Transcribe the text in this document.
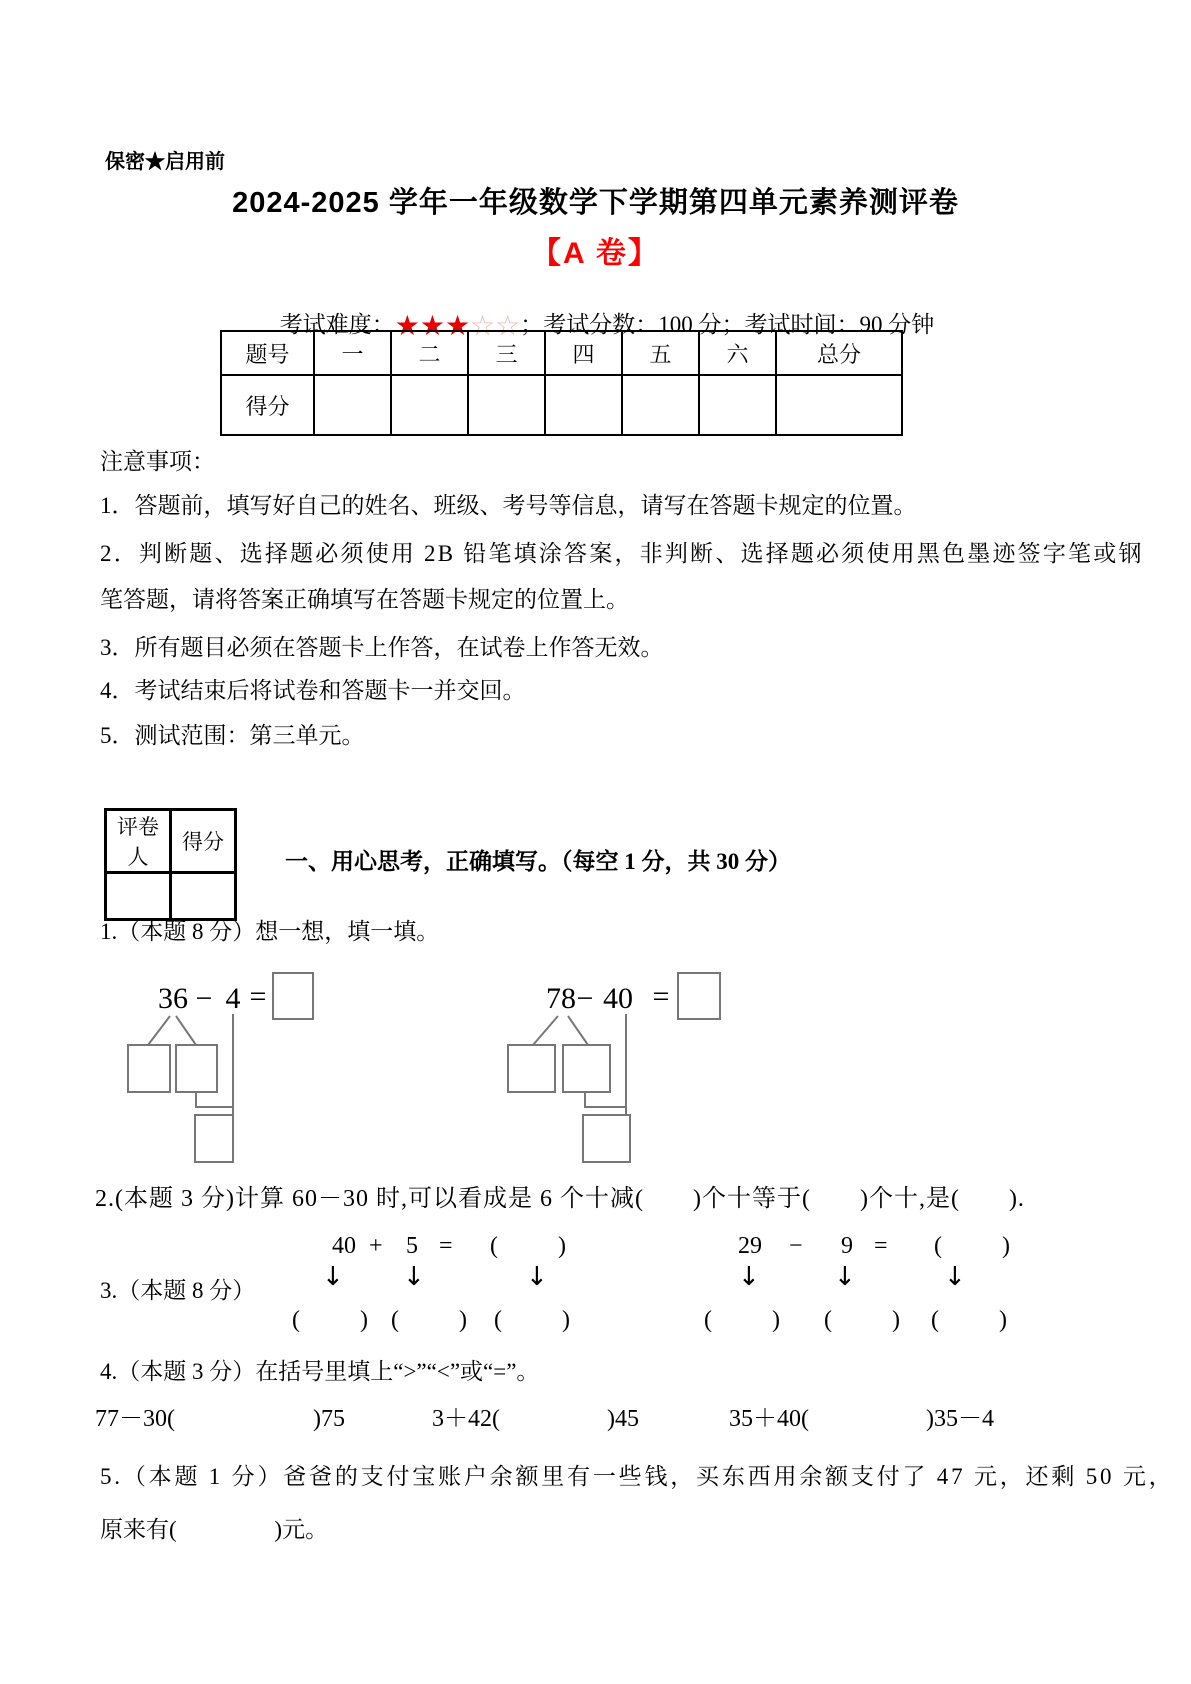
保密★启用前
2024-2025 学年一年级数学下学期第四单元素养测评卷
【A 卷】

考试难度：★★★☆☆；考试分数：100 分；考试时间：90 分钟

题号	一	二	三	四	五	六	总分
得分							
注意事项：
1．答题前，填写好自己的姓名、班级、考号等信息，请写在答题卡规定的位置。
2．判断题、选择题必须使用 2B 铅笔填涂答案，非判断、选择题必须使用黑色墨迹签字笔或钢
笔答题，请将答案正确填写在答题卡规定的位置上。
3．所有题目必须在答题卡上作答，在试卷上作答无效。
4．考试结束后将试卷和答题卡一并交回。
5．测试范围：第三单元。
评卷人	得分

一、用心思考，正确填写。（每空 1 分，共 30 分）
1.（本题 8 分）想一想，填一填。
36 − 4 =	78 − 40 =
2.(本题 3 分)计算 60－30 时,可以看成是 6 个十减(       )个十等于(       )个十,是(       ).
3.（本题 8 分）
40 + 5 = (          )
↓ ↓	↓
(          ) (          ) (          )
29 − 9 = (          )
↓	↓	↓
(          ) (          ) (          )
4.（本题 3 分）在括号里填上“>”“<”或“=”。
77－30(	)75	3＋42(	)45	35＋40(	)35－4
5.（本题 1 分）爸爸的支付宝账户余额里有一些钱，买东西用余额支付了 47 元，还剩 50 元，
原来有(                 )元。
